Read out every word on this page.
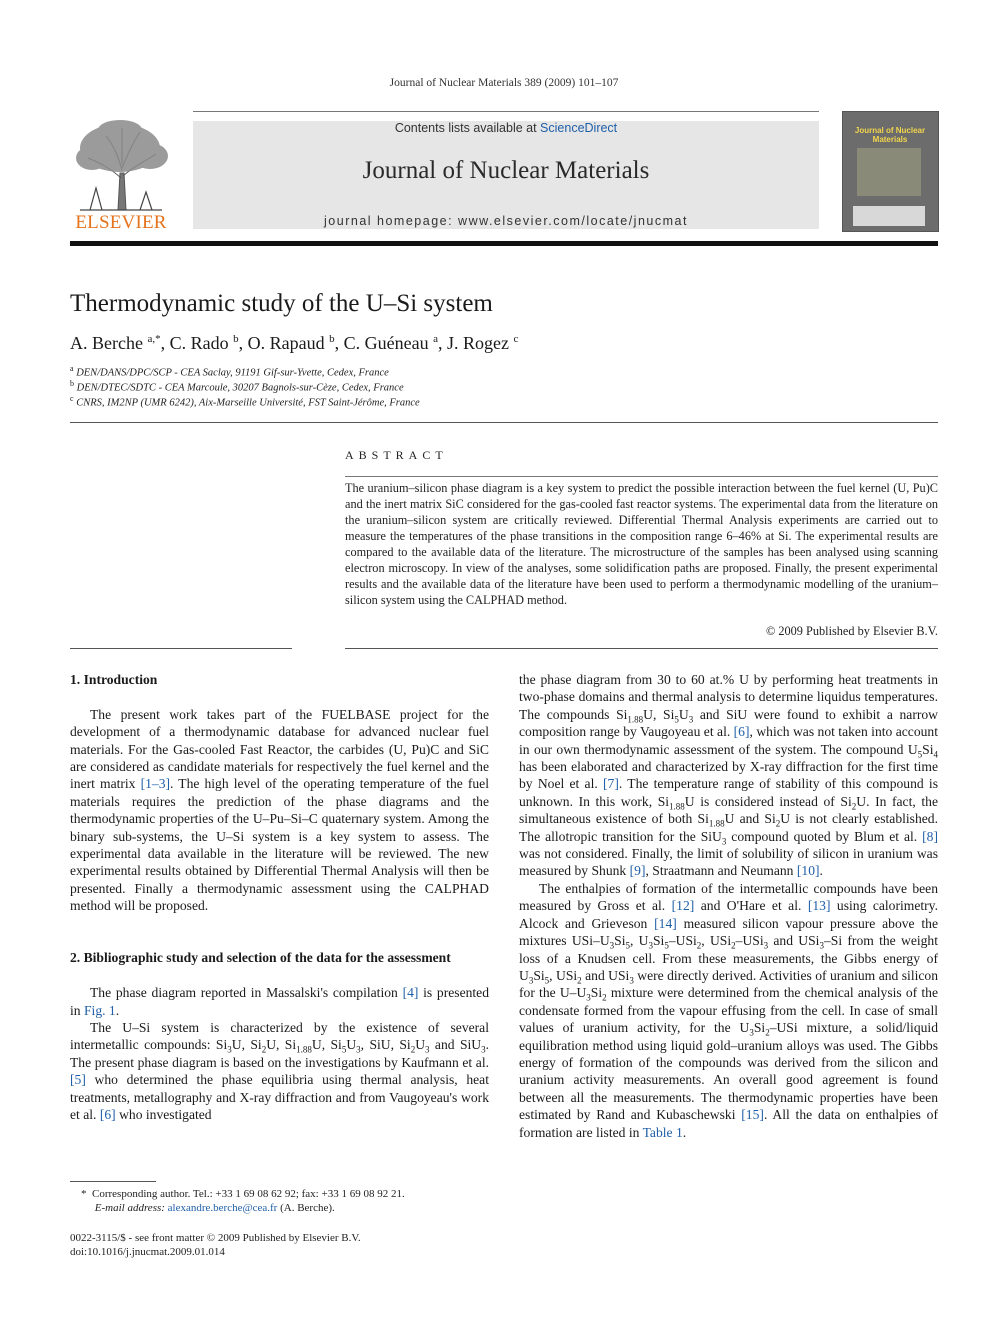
Journal of Nuclear Materials 389 (2009) 101–107
ELSEVIER
Contents lists available at ScienceDirect
Journal of Nuclear Materials
journal homepage: www.elsevier.com/locate/jnucmat
Journal of Nuclear Materials
Thermodynamic study of the U–Si system
A. Berche $^{a,*}$, C. Rado $^b$, O. Rapaud $^b$, C. Guéneau $^a$, J. Rogez $^c$
$^a$ DEN/DANS/DPC/SCP - CEA Saclay, 91191 Gif-sur-Yvette, Cedex, France
$^b$ DEN/DTEC/SDTC - CEA Marcoule, 30207 Bagnols-sur-Cèze, Cedex, France
$^c$ CNRS, IM2NP (UMR 6242), Aix-Marseille Université, FST Saint-Jérôme, France
ABSTRACT

The uranium–silicon phase diagram is a key system to predict the possible interaction between the fuel kernel (U, Pu)C and the inert matrix SiC considered for the gas-cooled fast reactor systems. The experimental data from the literature on the uranium–silicon system are critically reviewed. Differential Thermal Analysis experiments are carried out to measure the temperatures of the phase transitions in the composition range 6–46% at Si. The experimental results are compared to the available data of the literature. The microstructure of the samples has been analysed using scanning electron microscopy. In view of the analyses, some solidification paths are proposed. Finally, the present experimental results and the available data of the literature have been used to perform a thermodynamic modelling of the uranium–silicon system using the CALPHAD method.

© 2009 Published by Elsevier B.V.
1. Introduction

The present work takes part of the FUELBASE project for the development of a thermodynamic database for advanced nuclear fuel materials. For the Gas-cooled Fast Reactor, the carbides (U, Pu)C and SiC are considered as candidate materials for respectively the fuel kernel and the inert matrix [1–3]. The high level of the operating temperature of the fuel materials requires the prediction of the phase diagrams and the thermodynamic properties of the U–Pu–Si–C quaternary system. Among the binary sub-systems, the U–Si system is a key system to assess. The experimental data available in the literature will be reviewed. The new experimental results obtained by Differential Thermal Analysis will then be presented. Finally a thermodynamic assessment using the CALPHAD method will be proposed.

2. Bibliographic study and selection of the data for the assessment

The phase diagram reported in Massalski's compilation [4] is presented in Fig. 1.

The U–Si system is characterized by the existence of several intermetallic compounds: $Si_3U$, $Si_2U$, $Si_{1.88}U$, $Si_5U_3$, SiU, $Si_2U_3$ and SiU$_3$. The present phase diagram is based on the investigations by Kaufmann et al. [5] who determined the phase equilibria using thermal analysis, heat treatments, metallography and X-ray diffraction and from Vaugoyeau's work et al. [6] who investigated

the phase diagram from 30 to 60 at.% U by performing heat treatments in two-phase domains and thermal analysis to determine liquidus temperatures. The compounds $Si_{1.88}U$, $Si_5U_3$ and SiU were found to exhibit a narrow composition range by Vaugoyeau et al. [6], which was not taken into account in our own thermodynamic assessment of the system. The compound $U_5Si_4$ has been elaborated and characterized by X-ray diffraction for the first time by Noel et al. [7]. The temperature range of stability of this compound is unknown. In this work, $Si_{1.88}U$ is considered instead of $Si_2U$. In fact, the simultaneous existence of both $Si_{1.88}U$ and $Si_2U$ is not clearly established. The allotropic transition for the SiU$_3$ compound quoted by Blum et al. [8] was not considered. Finally, the limit of solubility of silicon in uranium was measured by Shunk [9], Straatmann and Neumann [10].

The enthalpies of formation of the intermetallic compounds have been measured by Gross et al. [12] and O'Hare et al. [13] using calorimetry. Alcock and Grieveson [14] measured silicon vapour pressure above the mixtures USi–$U_3Si_5$, $U_3Si_5-USi_2$, USi$_2$–USi$_3$ and USi$_3$–Si from the weight loss of a Knudsen cell. From these measurements, the Gibbs energy of $U_3Si_5$, USi$_2$ and USi$_3$ were directly derived. Activities of uranium and silicon for the $U-U_3Si_2$ mixture were determined from the chemical analysis of the condensate formed from the vapour effusing from the cell. In case of small values of uranium activity, for the $U_3Si_2$–USi mixture, a solid/liquid equilibration method using liquid gold–uranium alloys was used. The Gibbs energy of formation of the compounds was derived from the silicon and uranium activity measurements. An overall good agreement is found between all the measurements. The thermodynamic properties have been estimated by Rand and Kubaschewski [15]. All the data on enthalpies of formation are listed in Table 1.

* Corresponding author. Tel.: +33 1 69 08 62 92; fax: +33 1 69 08 92 21.
E-mail address: alexandre.berche@cea.fr (A. Berche).
0022-3115/$ - see front matter © 2009 Published by Elsevier B.V.
doi:10.1016/j.jnucmat.2009.01.014
